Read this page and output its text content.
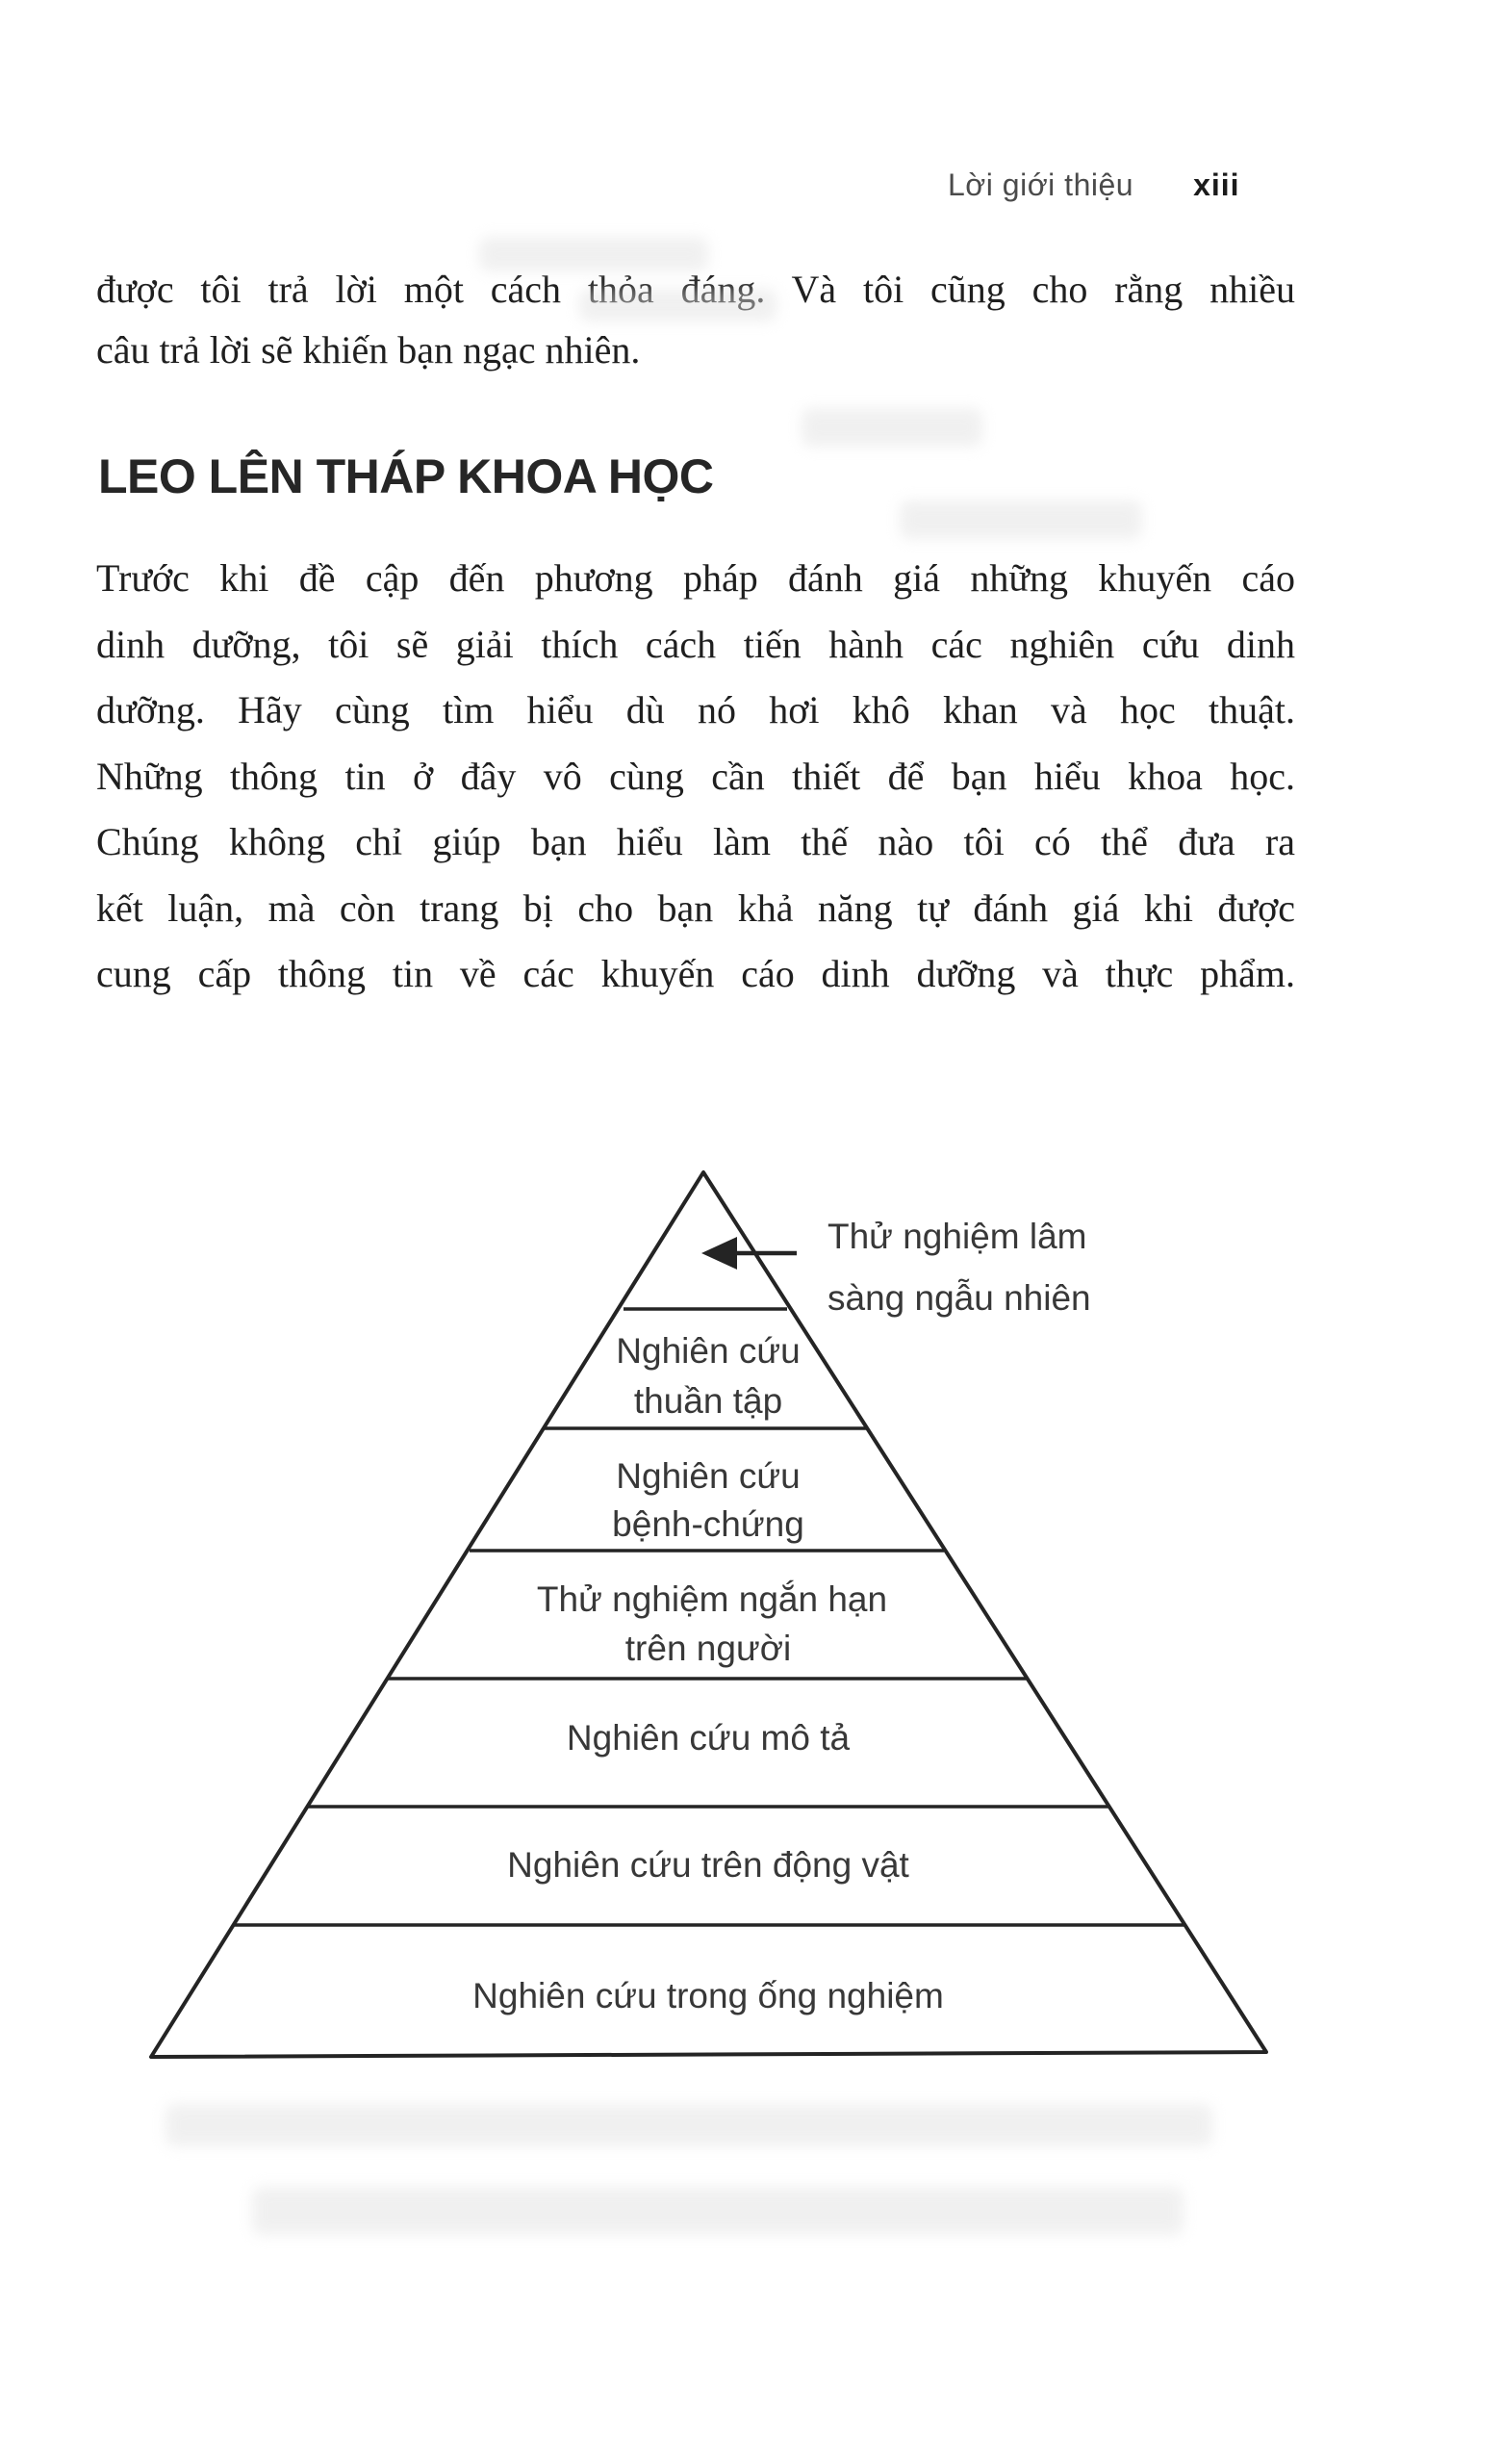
Lời giới thiệu xiii
được tôi trả lời một cách thỏa đáng. Và tôi cũng cho rằng nhiều
câu trả lời sẽ khiến bạn ngạc nhiên.
LEO LÊN THÁP KHOA HỌC
Trước khi đề cập đến phương pháp đánh giá những khuyến cáo
dinh dưỡng, tôi sẽ giải thích cách tiến hành các nghiên cứu dinh
dưỡng. Hãy cùng tìm hiểu dù nó hơi khô khan và học thuật.
Những thông tin ở đây vô cùng cần thiết để bạn hiểu khoa học.
Chúng không chỉ giúp bạn hiểu làm thế nào tôi có thể đưa ra
kết luận, mà còn trang bị cho bạn khả năng tự đánh giá khi được
cung cấp thông tin về các khuyến cáo dinh dưỡng và thực phẩm.
Thử nghiệm lâm
sàng ngẫu nhiên
Nghiên cứu
thuần tập
Nghiên cứu
bệnh-chứng
Thử nghiệm ngắn hạn
trên người
Nghiên cứu mô tả
Nghiên cứu trên động vật
Nghiên cứu trong ống nghiệm
